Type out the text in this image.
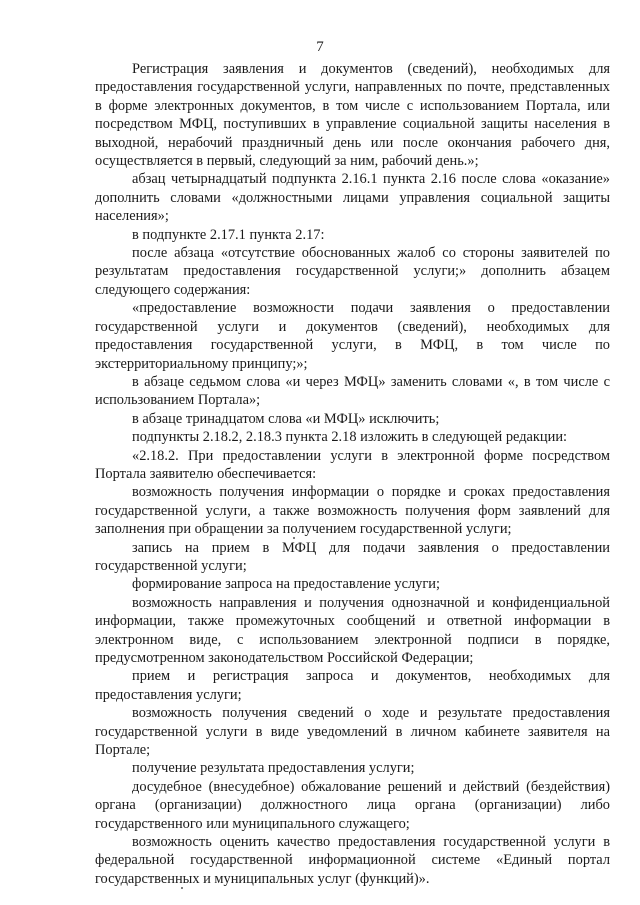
7

Регистрация заявления и документов (сведений), необходимых для предоставления государственной услуги, направленных по почте, представленных в форме электронных документов, в том числе с использованием Портала, или посредством МФЦ, поступивших в управление социальной защиты населения в выходной, нерабочий праздничный день или после окончания рабочего дня, осуществляется в первый, следующий за ним, рабочий день.»;

абзац четырнадцатый подпункта 2.16.1 пункта 2.16 после слова «оказание» дополнить словами «должностными лицами управления социальной защиты населения»;

в подпункте 2.17.1 пункта 2.17:

после абзаца «отсутствие обоснованных жалоб со стороны заявителей по результатам предоставления государственной услуги;» дополнить абзацем следующего содержания:

«предоставление возможности подачи заявления о предоставлении государственной услуги и документов (сведений), необходимых для предоставления государственной услуги, в МФЦ, в том числе по экстерриториальному принципу;»;

в абзаце седьмом слова «и через МФЦ» заменить словами «, в том числе с использованием Портала»;

в абзаце тринадцатом слова «и МФЦ» исключить;

подпункты 2.18.2, 2.18.3 пункта 2.18 изложить в следующей редакции:

«2.18.2. При предоставлении услуги в электронной форме посредством Портала заявителю обеспечивается:

возможность получения информации о порядке и сроках предоставления государственной услуги, а также возможность получения форм заявлений для заполнения при обращении за получением государственной услуги;

запись на прием в МФЦ для подачи заявления о предоставлении государственной услуги;

формирование запроса на предоставление услуги;

возможность направления и получения однозначной и конфиденциальной информации, также промежуточных сообщений и ответной информации в электронном виде, с использованием электронной подписи в порядке, предусмотренном законодательством Российской Федерации;

прием и регистрация запроса и документов, необходимых для предоставления услуги;

возможность получения сведений о ходе и результате предоставления государственной услуги в виде уведомлений в личном кабинете заявителя на Портале;

получение результата предоставления услуги;

досудебное (внесудебное) обжалование решений и действий (бездействия) органа (организации) должностного лица органа (организации) либо государственного или муниципального служащего;

возможность оценить качество предоставления государственной услуги в федеральной государственной информационной системе «Единый портал государственных и муниципальных услуг (функций)».
